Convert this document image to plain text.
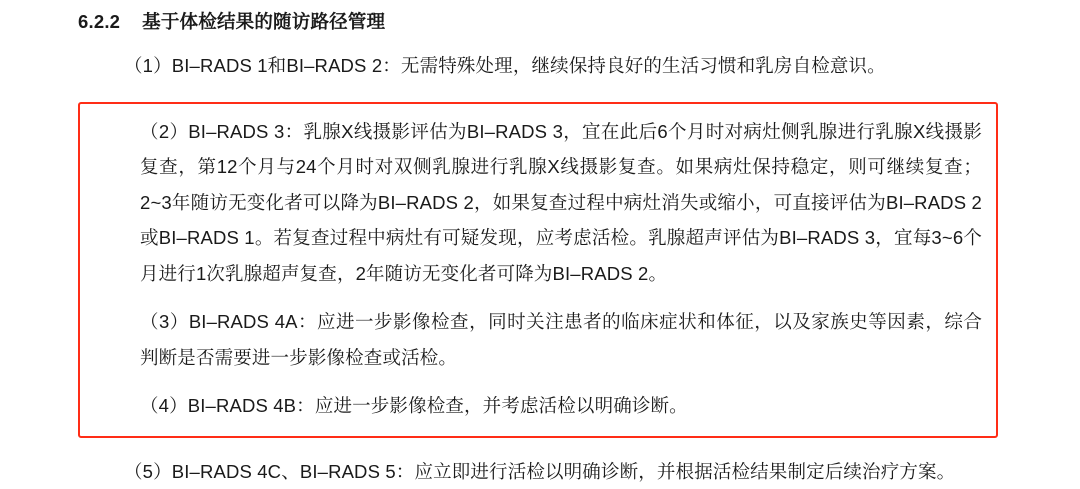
6.2.2 基于体检结果的随访路径管理

（1）BI–RADS 1和BI–RADS 2：无需特殊处理，继续保持良好的生活习惯和乳房自检意识。

（2）BI–RADS 3：乳腺X线摄影评估为BI–RADS 3，宜在此后6个月时对病灶侧乳腺进行乳腺X线摄影复查，第12个月与24个月时对双侧乳腺进行乳腺X线摄影复查。如果病灶保持稳定，则可继续复查；2~3年随访无变化者可以降为BI–RADS 2，如果复查过程中病灶消失或缩小，可直接评估为BI–RADS 2或BI–RADS 1。若复查过程中病灶有可疑发现，应考虑活检。乳腺超声评估为BI–RADS 3，宜每3~6个月进行1次乳腺超声复查，2年随访无变化者可降为BI–RADS 2。

（3）BI–RADS 4A：应进一步影像检查，同时关注患者的临床症状和体征，以及家族史等因素，综合判断是否需要进一步影像检查或活检。

（4）BI–RADS 4B：应进一步影像检查，并考虑活检以明确诊断。

（5）BI–RADS 4C、BI–RADS 5：应立即进行活检以明确诊断，并根据活检结果制定后续治疗方案。
